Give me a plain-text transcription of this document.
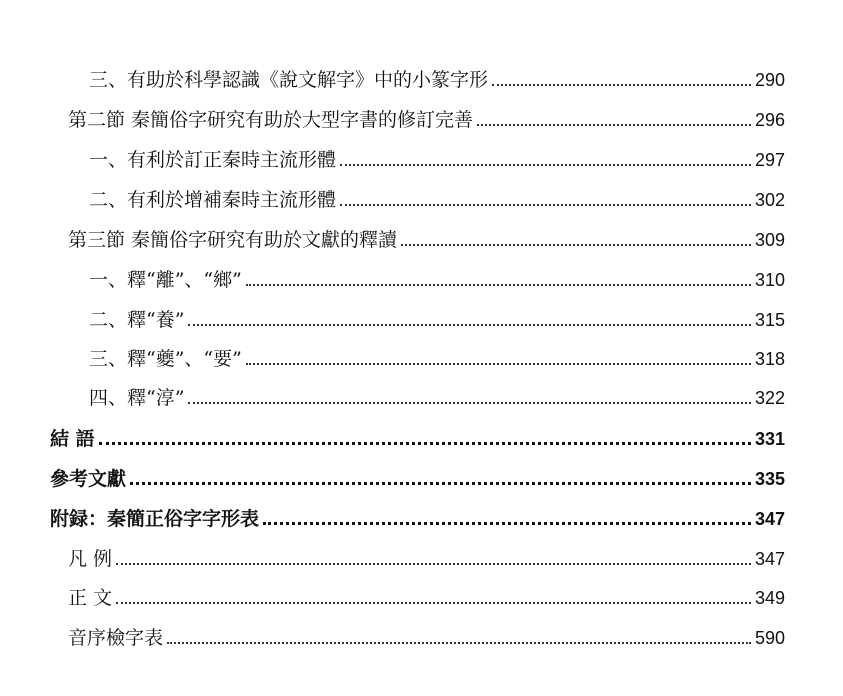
三、有助於科學認識《說文解字》中的小篆字形	290
第二節 秦簡俗字研究有助於大型字書的修訂完善	296
一、有利於訂正秦時主流形體	297
二、有利於增補秦時主流形體	302
第三節 秦簡俗字研究有助於文獻的釋讀	309
一、釋“離”、“鄉”	310
二、釋“養”	315
三、釋“夔”、“要”	318
四、釋“淳”	322
結 語	331
參考文獻	335
附録：秦簡正俗字字形表	347
凡 例	347
正 文	349
音序檢字表	590
